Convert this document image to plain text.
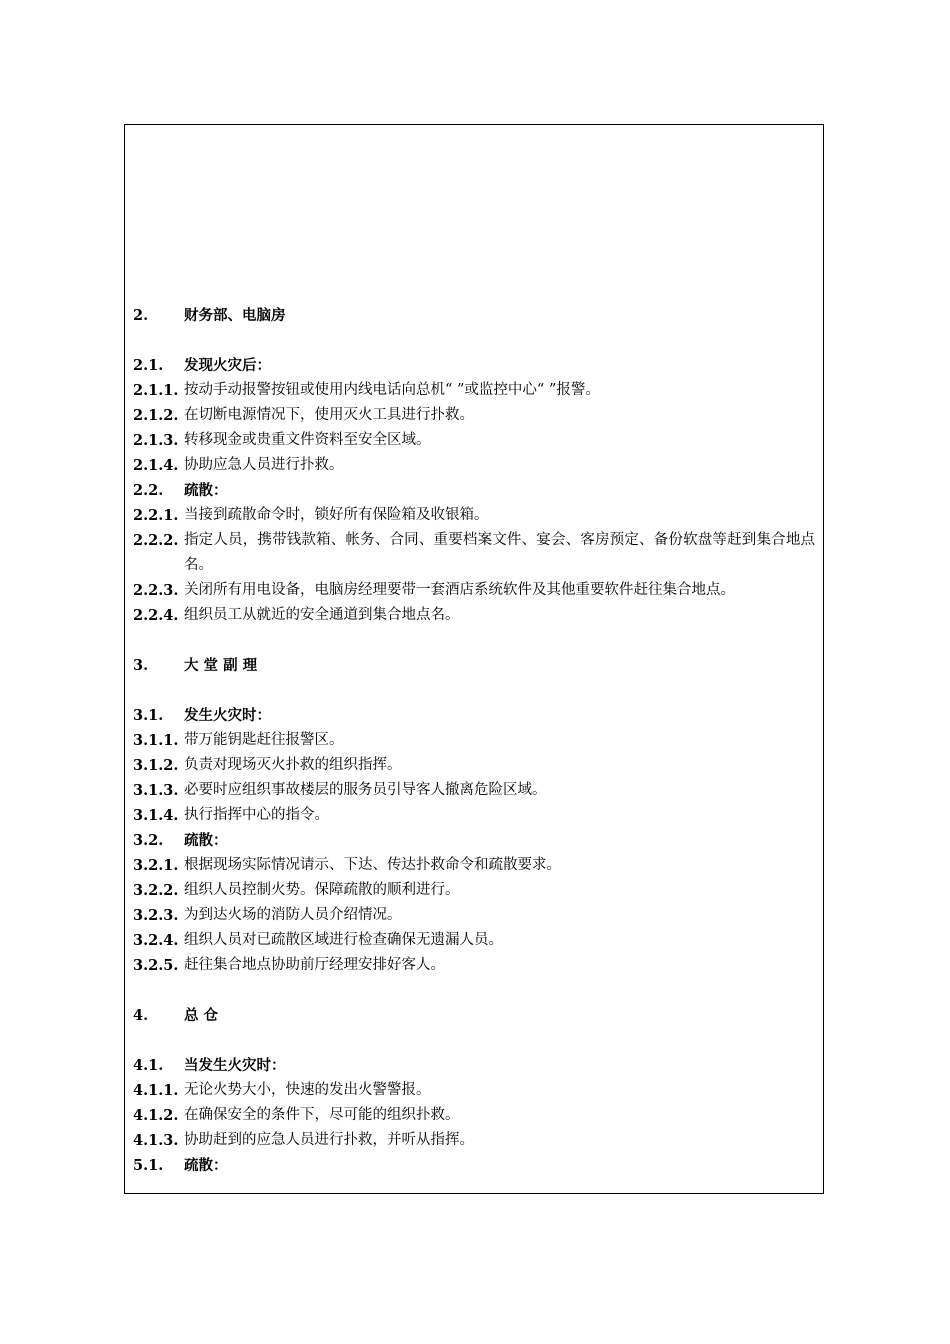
2.	财务部、电脑房
2.1.	发现火灾后：
2.1.1. 按动手动报警按钮或使用内线电话向总机“ ”或监控中心“ ”报警。
2.1.2. 在切断电源情况下，使用灭火工具进行扑救。
2.1.3. 转移现金或贵重文件资料至安全区域。
2.1.4. 协助应急人员进行扑救。
2.2.	疏散：
2.2.1. 当接到疏散命令时，锁好所有保险箱及收银箱。
2.2.2. 指定人员，携带钱款箱、帐务、合同、重要档案文件、宴会、客房预定、备份软盘等赶到集合地点名。
2.2.3. 关闭所有用电设备，电脑房经理要带一套酒店系统软件及其他重要软件赶往集合地点。
2.2.4. 组织员工从就近的安全通道到集合地点名。
3.	大 堂 副 理
3.1.	发生火灾时：
3.1.1. 带万能钥匙赶往报警区。
3.1.2. 负责对现场灭火扑救的组织指挥。
3.1.3. 必要时应组织事故楼层的服务员引导客人撤离危险区域。
3.1.4. 执行指挥中心的指令。
3.2.	疏散：
3.2.1. 根据现场实际情况请示、下达、传达扑救命令和疏散要求。
3.2.2. 组织人员控制火势。保障疏散的顺利进行。
3.2.3. 为到达火场的消防人员介绍情况。
3.2.4. 组织人员对已疏散区域进行检查确保无遗漏人员。
3.2.5. 赶往集合地点协助前厅经理安排好客人。
4.	总 仓
4.1.	当发生火灾时：
4.1.1. 无论火势大小，快速的发出火警警报。
4.1.2. 在确保安全的条件下，尽可能的组织扑救。
4.1.3. 协助赶到的应急人员进行扑救，并听从指挥。
5.1.	疏散：
